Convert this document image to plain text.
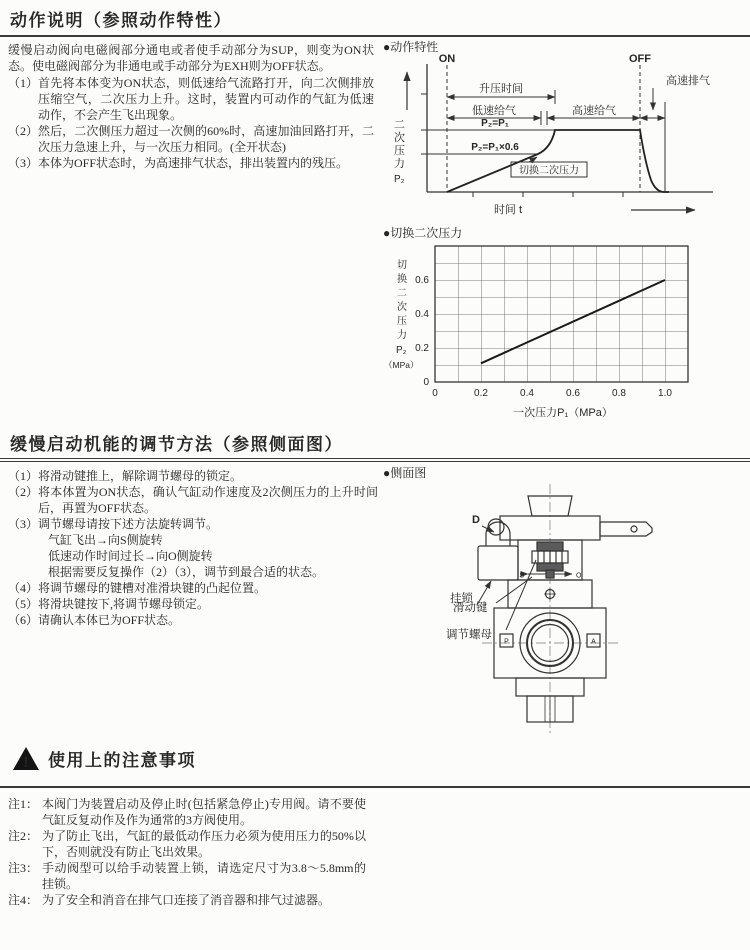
动作说明（参照动作特性）

缓慢启动阀向电磁阀部分通电或者使手动部分为SUP，则变为ON状态。使电磁阀部分为非通电或手动部分为EXH则为OFF状态。

（1） 首先将本体变为ON状态，则低速给气流路打开，向二次侧排放压缩空气，二次压力上升。这时，装置内可动作的气缸为低速动作，不会产生飞出现象。
（2） 然后，二次侧压力超过一次侧的60%时，高速加油回路打开，二次压力急速上升，与一次压力相同。(全开状态)
（3） 本体为OFF状态时，为高速排气状态，排出装置内的残压。
●动作特性
二
次
压
力
P₂
ON	OFF
升压时间
低速给气	高速给气
高速排气
P₂=P₁
P₂=P₁×0.6
切换二次压力
时间 t
●切换二次压力
切
换
二
次
压
力
P₂
（MPa）
0
0.2
0.4
0.6
0	0.2	0.4	0.6	0.8	1.0
一次压力P₁（MPa）
缓慢启动机能的调节方法（参照侧面图）
（1） 将滑动键推上，解除调节螺母的锁定。
（2） 将本体置为ON状态，确认气缸动作速度及2次侧压力的上升时间后，再置为OFF状态。
（3） 调节螺母请按下述方法旋转调节。
气缸飞出→向S侧旋转
低速动作时间过长→向O侧旋转
根据需要反复操作（2）（3），调节到最合适的状态。
（4） 将调节螺母的键槽对准滑块键的凸起位置。
（5） 将滑块键按下,将调节螺母锁定。
（6） 请确认本体已为OFF状态。
●侧面图
D
S	O
P	A
挂锁
滑动键
调节螺母
! 使用上的注意事项
注1： 本阀门为装置启动及停止时(包括紧急停止)专用阀。请不要使气缸反复动作及作为通常的3方阀使用。
注2： 为了防止飞出，气缸的最低动作压力必须为使用压力的50%以下，否则就没有防止飞出效果。
注3： 手动阀型可以给手动装置上锁，请选定尺寸为3.8～5.8mm的挂锁。
注4： 为了安全和消音在排气口连接了消音器和排气过滤器。
